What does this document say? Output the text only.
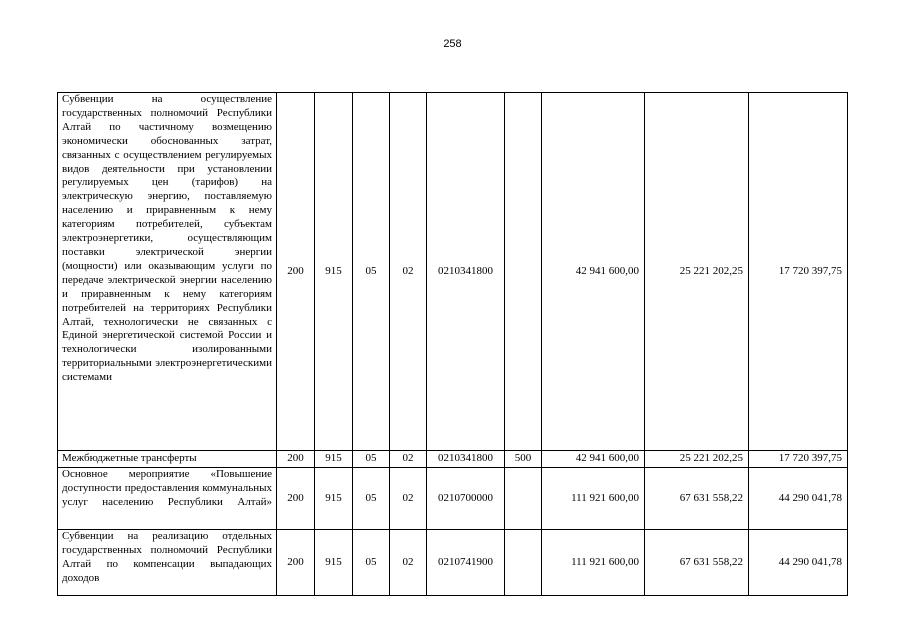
258
Субвенции на осуществление государственных полномочий Республики Алтай по частичному возмещению экономически обоснованных затрат, связанных с осуществлением регулируемых видов деятельности при установлении регулируемых цен (тарифов) на электрическую энергию, поставляемую населению и приравненным к нему категориям потребителей, субъектам электроэнергетики, осуществляющим поставки электрической энергии (мощности) или оказывающим услуги по передаче электрической энергии населению и приравненным к нему категориям потребителей на территориях Республики Алтай, технологически не связанных с Единой энергетической системой России и технологически изолированными территориальными электроэнергетическими системами	200	915	05	02	0210341800		42 941 600,00	25 221 202,25	17 720 397,75
Межбюджетные трансферты	200	915	05	02	0210341800	500	42 941 600,00	25 221 202,25	17 720 397,75
Основное мероприятие «Повышение доступности предоставления коммунальных услуг населению Республики Алтай»	200	915	05	02	0210700000		111 921 600,00	67 631 558,22	44 290 041,78
Субвенции на реализацию отдельных государственных полномочий Республики Алтай по компенсации выпадающих доходов	200	915	05	02	0210741900		111 921 600,00	67 631 558,22	44 290 041,78
